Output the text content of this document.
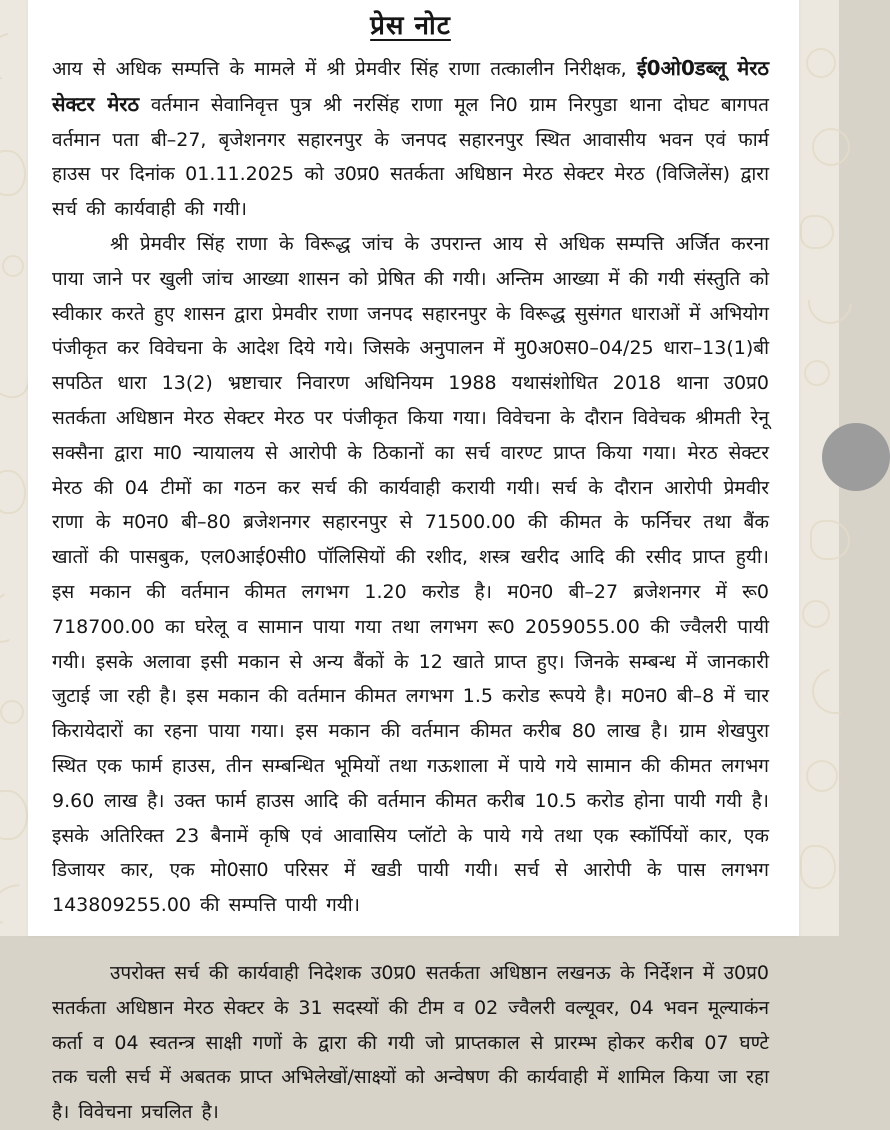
प्रेस नोट

आय से अधिक सम्पत्ति के मामले में श्री प्रेमवीर सिंह राणा तत्कालीन निरीक्षक, ई0ओ0डब्लू मेरठ सेक्टर मेरठ वर्तमान सेवानिवृत्त पुत्र श्री नरसिंह राणा मूल नि0 ग्राम निरपुडा थाना दोघट बागपत वर्तमान पता बी–27, बृजेशनगर सहारनपुर के जनपद सहारनपुर स्थित आवासीय भवन एवं फार्म हाउस पर दिनांक 01.11.2025 को उ0प्र0 सतर्कता अधिष्ठान मेरठ सेक्टर मेरठ (विजिलेंस) द्वारा सर्च की कार्यवाही की गयी।

श्री प्रेमवीर सिंह राणा के विरूद्ध जांच के उपरान्त आय से अधिक सम्पत्ति अर्जित करना पाया जाने पर खुली जांच आख्या शासन को प्रेषित की गयी। अन्तिम आख्या में की गयी संस्तुति को स्वीकार करते हुए शासन द्वारा प्रेमवीर राणा जनपद सहारनपुर के विरूद्ध सुसंगत धाराओं में अभियोग पंजीकृत कर विवेचना के आदेश दिये गये। जिसके अनुपालन में मु0अ0स0–04/25 धारा–13(1)बी सपठित धारा 13(2) भ्रष्टाचार निवारण अधिनियम 1988 यथासंशोधित 2018 थाना उ0प्र0 सतर्कता अधिष्ठान मेरठ सेक्टर मेरठ पर पंजीकृत किया गया। विवेचना के दौरान विवेचक श्रीमती रेनू सक्सैना द्वारा मा0 न्यायालय से आरोपी के ठिकानों का सर्च वारण्ट प्राप्त किया गया। मेरठ सेक्टर मेरठ की 04 टीमों का गठन कर सर्च की कार्यवाही करायी गयी। सर्च के दौरान आरोपी प्रेमवीर राणा के म0न0 बी–80 ब्रजेशनगर सहारनपुर से 71500.00 की कीमत के फर्निचर तथा बैंक खातों की पासबुक, एल0आई0सी0 पॉलिसियों की रशीद, शस्त्र खरीद आदि की रसीद प्राप्त हुयी। इस मकान की वर्तमान कीमत लगभग 1.20 करोड है। म0न0 बी–27 ब्रजेशनगर में रू0 718700.00 का घरेलू व सामान पाया गया तथा लगभग रू0 2059055.00 की ज्वैलरी पायी गयी। इसके अलावा इसी मकान से अन्य बैंकों के 12 खाते प्राप्त हुए। जिनके सम्बन्ध में जानकारी जुटाई जा रही है। इस मकान की वर्तमान कीमत लगभग 1.5 करोड रूपये है। म0न0 बी–8 में चार किरायेदारों का रहना पाया गया। इस मकान की वर्तमान कीमत करीब 80 लाख है। ग्राम शेखपुरा स्थित एक फार्म हाउस, तीन सम्बन्धित भूमियों तथा गऊशाला में पाये गये सामान की कीमत लगभग 9.60 लाख है। उक्त फार्म हाउस आदि की वर्तमान कीमत करीब 10.5 करोड होना पायी गयी है। इसके अतिरिक्त 23 बैनामें कृषि एवं आवासिय प्लॉटो के पाये गये तथा एक स्कॉर्पियों कार, एक डिजायर कार, एक मो0सा0 परिसर में खडी पायी गयी। सर्च से आरोपी के पास लगभग 143809255.00 की सम्पत्ति पायी गयी।

उपरोक्त सर्च की कार्यवाही निदेशक उ0प्र0 सतर्कता अधिष्ठान लखनऊ के निर्देशन में उ0प्र0 सतर्कता अधिष्ठान मेरठ सेक्टर के 31 सदस्यों की टीम व 02 ज्वैलरी वल्यूवर, 04 भवन मूल्याकंन कर्ता व 04 स्वतन्त्र साक्षी गणों के द्वारा की गयी जो प्राप्तकाल से प्रारम्भ होकर करीब 07 घण्टे तक चली सर्च में अबतक प्राप्त अभिलेखों/साक्ष्यों को अन्वेषण की कार्यवाही में शामिल किया जा रहा है। विवेचना प्रचलित है।
